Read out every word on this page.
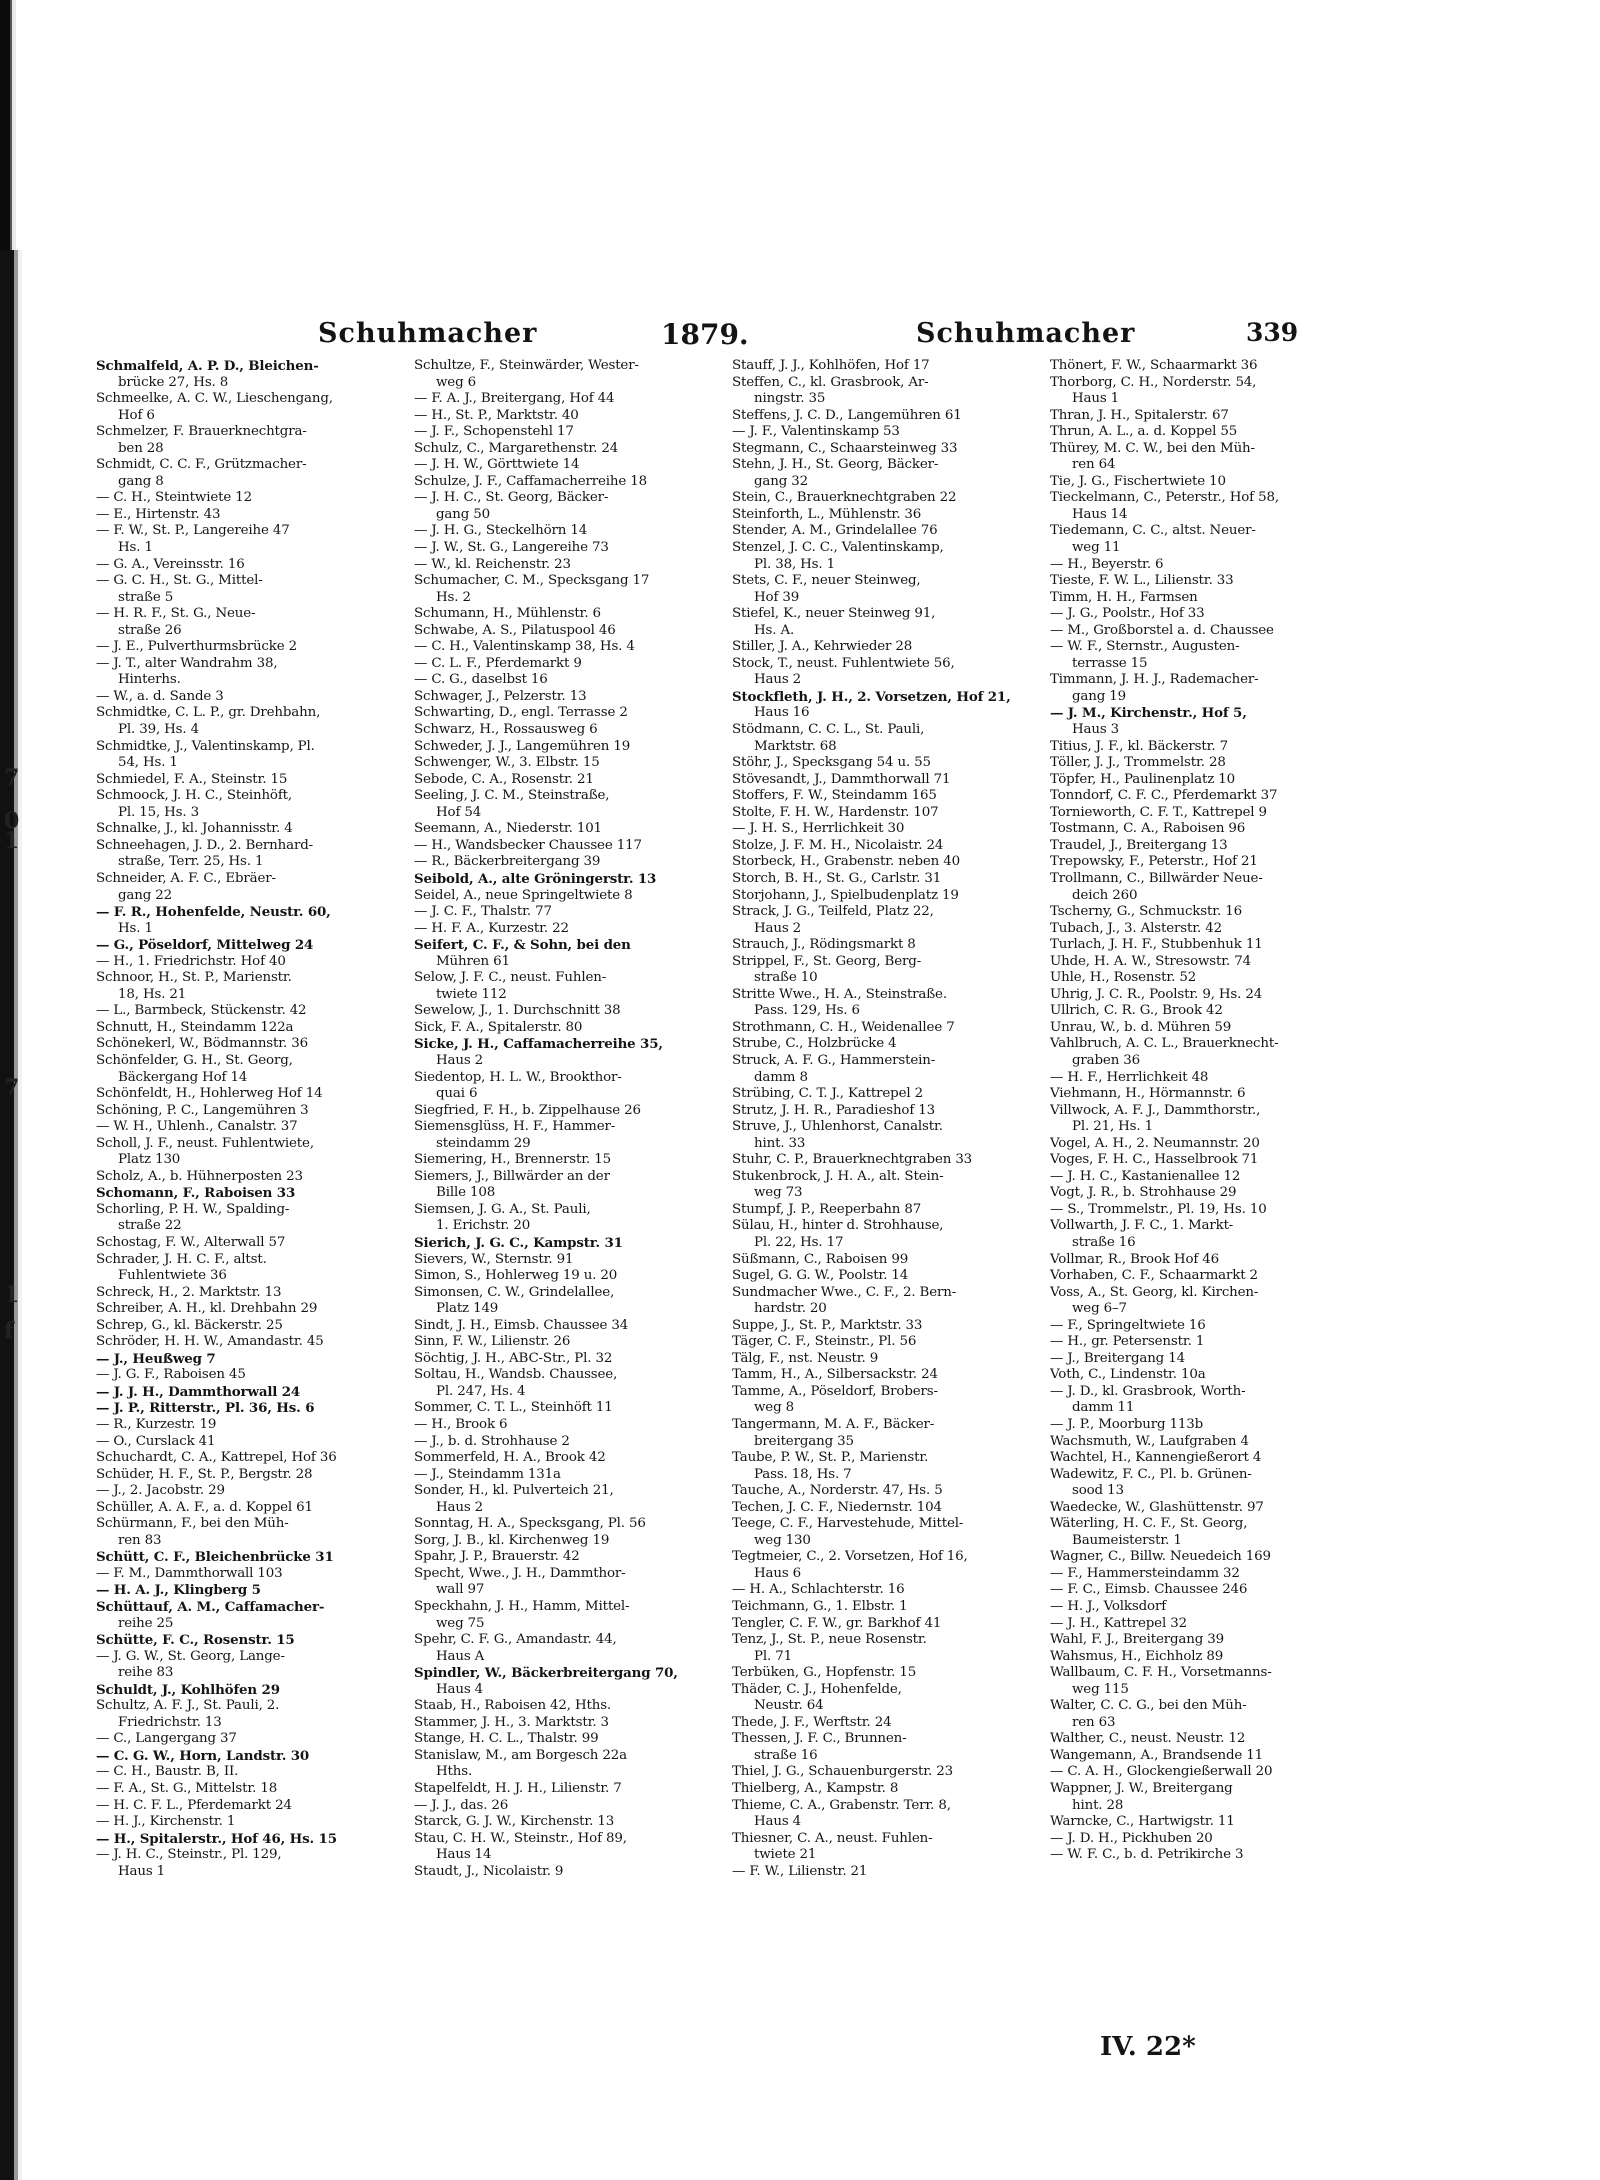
7
0
1
7
1
f
Schuhmacher	1879.	Schuhmacher	339
Schmalfeld, A. P. D., Bleichen-
brücke 27, Hs. 8
Schmeelke, A. C. W., Lieschengang,
Hof 6
Schmelzer, F. Brauerknechtgra-
ben 28
Schmidt, C. C. F., Grützmacher-
gang 8
— C. H., Steintwiete 12
— E., Hirtenstr. 43
— F. W., St. P., Langereihe 47
Hs. 1
— G. A., Vereinsstr. 16
— G. C. H., St. G., Mittel-
straße 5
— H. R. F., St. G., Neue-
straße 26
— J. E., Pulverthurmsbrücke 2
— J. T., alter Wandrahm 38,
Hinterhs.
— W., a. d. Sande 3
Schmidtke, C. L. P., gr. Drehbahn,
Pl. 39, Hs. 4
Schmidtke, J., Valentinskamp, Pl.
54, Hs. 1
Schmiedel, F. A., Steinstr. 15
Schmoock, J. H. C., Steinhöft,
Pl. 15, Hs. 3
Schnalke, J., kl. Johannisstr. 4
Schneehagen, J. D., 2. Bernhard-
straße, Terr. 25, Hs. 1
Schneider, A. F. C., Ebräer-
gang 22
— F. R., Hohenfelde, Neustr. 60,
Hs. 1
— G., Pöseldorf, Mittelweg 24
— H., 1. Friedrichstr. Hof 40
Schnoor, H., St. P., Marienstr.
18, Hs. 21
— L., Barmbeck, Stückenstr. 42
Schnutt, H., Steindamm 122a
Schönekerl, W., Bödmannstr. 36
Schönfelder, G. H., St. Georg,
Bäckergang Hof 14
Schönfeldt, H., Hohlerweg Hof 14
Schöning, P. C., Langemühren 3
— W. H., Uhlenh., Canalstr. 37
Scholl, J. F., neust. Fuhlentwiete,
Platz 130
Scholz, A., b. Hühnerposten 23
Schomann, F., Raboisen 33
Schorling, P. H. W., Spalding-
straße 22
Schostag, F. W., Alterwall 57
Schrader, J. H. C. F., altst.
Fuhlentwiete 36
Schreck, H., 2. Marktstr. 13
Schreiber, A. H., kl. Drehbahn 29
Schrep, G., kl. Bäckerstr. 25
Schröder, H. H. W., Amandastr. 45
— J., Heußweg 7
— J. G. F., Raboisen 45
— J. J. H., Dammthorwall 24
— J. P., Ritterstr., Pl. 36, Hs. 6
— R., Kurzestr. 19
— O., Curslack 41
Schuchardt, C. A., Kattrepel, Hof 36
Schüder, H. F., St. P., Bergstr. 28
— J., 2. Jacobstr. 29
Schüller, A. A. F., a. d. Koppel 61
Schürmann, F., bei den Müh-
ren 83
Schütt, C. F., Bleichenbrücke 31
— F. M., Dammthorwall 103
— H. A. J., Klingberg 5
Schüttauf, A. M., Caffamacher-
reihe 25
Schütte, F. C., Rosenstr. 15
— J. G. W., St. Georg, Lange-
reihe 83
Schuldt, J., Kohlhöfen 29
Schultz, A. F. J., St. Pauli, 2.
Friedrichstr. 13
— C., Langergang 37
— C. G. W., Horn, Landstr. 30
— C. H., Baustr. B, II.
— F. A., St. G., Mittelstr. 18
— H. C. F. L., Pferdemarkt 24
— H. J., Kirchenstr. 1
— H., Spitalerstr., Hof 46, Hs. 15
— J. H. C., Steinstr., Pl. 129,
Haus 1
Schultze, F., Steinwärder, Wester-
weg 6
— F. A. J., Breitergang, Hof 44
— H., St. P., Marktstr. 40
— J. F., Schopenstehl 17
Schulz, C., Margarethenstr. 24
— J. H. W., Görttwiete 14
Schulze, J. F., Caffamacherreihe 18
— J. H. C., St. Georg, Bäcker-
gang 50
— J. H. G., Steckelhörn 14
— J. W., St. G., Langereihe 73
— W., kl. Reichenstr. 23
Schumacher, C. M., Specksgang 17
Hs. 2
Schumann, H., Mühlenstr. 6
Schwabe, A. S., Pilatuspool 46
— C. H., Valentinskamp 38, Hs. 4
— C. L. F., Pferdemarkt 9
— C. G., daselbst 16
Schwager, J., Pelzerstr. 13
Schwarting, D., engl. Terrasse 2
Schwarz, H., Rossausweg 6
Schweder, J. J., Langemühren 19
Schwenger, W., 3. Elbstr. 15
Sebode, C. A., Rosenstr. 21
Seeling, J. C. M., Steinstraße,
Hof 54
Seemann, A., Niederstr. 101
— H., Wandsbecker Chaussee 117
— R., Bäckerbreitergang 39
Seibold, A., alte Gröningerstr. 13
Seidel, A., neue Springeltwiete 8
— J. C. F., Thalstr. 77
— H. F. A., Kurzestr. 22
Seifert, C. F., & Sohn, bei den
Mühren 61
Selow, J. F. C., neust. Fuhlen-
twiete 112
Sewelow, J., 1. Durchschnitt 38
Sick, F. A., Spitalerstr. 80
Sicke, J. H., Caffamacherreihe 35,
Haus 2
Siedentop, H. L. W., Brookthor-
quai 6
Siegfried, F. H., b. Zippelhause 26
Siemensglüss, H. F., Hammer-
steindamm 29
Siemering, H., Brennerstr. 15
Siemers, J., Billwärder an der
Bille 108
Siemsen, J. G. A., St. Pauli,
1. Erichstr. 20
Sierich, J. G. C., Kampstr. 31
Sievers, W., Sternstr. 91
Simon, S., Hohlerweg 19 u. 20
Simonsen, C. W., Grindelallee,
Platz 149
Sindt, J. H., Eimsb. Chaussee 34
Sinn, F. W., Lilienstr. 26
Söchtig, J. H., ABC-Str., Pl. 32
Soltau, H., Wandsb. Chaussee,
Pl. 247, Hs. 4
Sommer, C. T. L., Steinhöft 11
— H., Brook 6
— J., b. d. Strohhause 2
Sommerfeld, H. A., Brook 42
— J., Steindamm 131a
Sonder, H., kl. Pulverteich 21,
Haus 2
Sonntag, H. A., Specksgang, Pl. 56
Sorg, J. B., kl. Kirchenweg 19
Spahr, J. P., Brauerstr. 42
Specht, Wwe., J. H., Dammthor-
wall 97
Speckhahn, J. H., Hamm, Mittel-
weg 75
Spehr, C. F. G., Amandastr. 44,
Haus A
Spindler, W., Bäckerbreitergang 70,
Haus 4
Staab, H., Raboisen 42, Hths.
Stammer, J. H., 3. Marktstr. 3
Stange, H. C. L., Thalstr. 99
Stanislaw, M., am Borgesch 22a
Hths.
Stapelfeldt, H. J. H., Lilienstr. 7
— J. J., das. 26
Starck, G. J. W., Kirchenstr. 13
Stau, C. H. W., Steinstr., Hof 89,
Haus 14
Staudt, J., Nicolaistr. 9
Stauff, J. J., Kohlhöfen, Hof 17
Steffen, C., kl. Grasbrook, Ar-
ningstr. 35
Steffens, J. C. D., Langemühren 61
— J. F., Valentinskamp 53
Stegmann, C., Schaarsteinweg 33
Stehn, J. H., St. Georg, Bäcker-
gang 32
Stein, C., Brauerknechtgraben 22
Steinforth, L., Mühlenstr. 36
Stender, A. M., Grindelallee 76
Stenzel, J. C. C., Valentinskamp,
Pl. 38, Hs. 1
Stets, C. F., neuer Steinweg,
Hof 39
Stiefel, K., neuer Steinweg 91,
Hs. A.
Stiller, J. A., Kehrwieder 28
Stock, T., neust. Fuhlentwiete 56,
Haus 2
Stockfleth, J. H., 2. Vorsetzen, Hof 21,
Haus 16
Stödmann, C. C. L., St. Pauli,
Marktstr. 68
Stöhr, J., Specksgang 54 u. 55
Stövesandt, J., Dammthorwall 71
Stoffers, F. W., Steindamm 165
Stolte, F. H. W., Hardenstr. 107
— J. H. S., Herrlichkeit 30
Stolze, J. F. M. H., Nicolaistr. 24
Storbeck, H., Grabenstr. neben 40
Storch, B. H., St. G., Carlstr. 31
Storjohann, J., Spielbudenplatz 19
Strack, J. G., Teilfeld, Platz 22,
Haus 2
Strauch, J., Rödingsmarkt 8
Strippel, F., St. Georg, Berg-
straße 10
Stritte Wwe., H. A., Steinstraße.
Pass. 129, Hs. 6
Strothmann, C. H., Weidenallee 7
Strube, C., Holzbrücke 4
Struck, A. F. G., Hammerstein-
damm 8
Strübing, C. T. J., Kattrepel 2
Strutz, J. H. R., Paradieshof 13
Struve, J., Uhlenhorst, Canalstr.
hint. 33
Stuhr, C. P., Brauerknechtgraben 33
Stukenbrock, J. H. A., alt. Stein-
weg 73
Stumpf, J. P., Reeperbahn 87
Sülau, H., hinter d. Strohhause,
Pl. 22, Hs. 17
Süßmann, C., Raboisen 99
Sugel, G. G. W., Poolstr. 14
Sundmacher Wwe., C. F., 2. Bern-
hardstr. 20
Suppe, J., St. P., Marktstr. 33
Täger, C. F., Steinstr., Pl. 56
Tälg, F., nst. Neustr. 9
Tamm, H., A., Silbersackstr. 24
Tamme, A., Pöseldorf, Brobers-
weg 8
Tangermann, M. A. F., Bäcker-
breitergang 35
Taube, P. W., St. P., Marienstr.
Pass. 18, Hs. 7
Tauche, A., Norderstr. 47, Hs. 5
Techen, J. C. F., Niedernstr. 104
Teege, C. F., Harvestehude, Mittel-
weg 130
Tegtmeier, C., 2. Vorsetzen, Hof 16,
Haus 6
— H. A., Schlachterstr. 16
Teichmann, G., 1. Elbstr. 1
Tengler, C. F. W., gr. Barkhof 41
Tenz, J., St. P., neue Rosenstr.
Pl. 71
Terbüken, G., Hopfenstr. 15
Thäder, C. J., Hohenfelde,
Neustr. 64
Thede, J. F., Werftstr. 24
Thessen, J. F. C., Brunnen-
straße 16
Thiel, J. G., Schauenburgerstr. 23
Thielberg, A., Kampstr. 8
Thieme, C. A., Grabenstr. Terr. 8,
Haus 4
Thiesner, C. A., neust. Fuhlen-
twiete 21
— F. W., Lilienstr. 21
Thönert, F. W., Schaarmarkt 36
Thorborg, C. H., Norderstr. 54,
Haus 1
Thran, J. H., Spitalerstr. 67
Thrun, A. L., a. d. Koppel 55
Thürey, M. C. W., bei den Müh-
ren 64
Tie, J. G., Fischertwiete 10
Tieckelmann, C., Peterstr., Hof 58,
Haus 14
Tiedemann, C. C., altst. Neuer-
weg 11
— H., Beyerstr. 6
Tieste, F. W. L., Lilienstr. 33
Timm, H. H., Farmsen
— J. G., Poolstr., Hof 33
— M., Großborstel a. d. Chaussee
— W. F., Sternstr., Augusten-
terrasse 15
Timmann, J. H. J., Rademacher-
gang 19
— J. M., Kirchenstr., Hof 5,
Haus 3
Titius, J. F., kl. Bäckerstr. 7
Töller, J. J., Trommelstr. 28
Töpfer, H., Paulinenplatz 10
Tonndorf, C. F. C., Pferdemarkt 37
Tornieworth, C. F. T., Kattrepel 9
Tostmann, C. A., Raboisen 96
Traudel, J., Breitergang 13
Trepowsky, F., Peterstr., Hof 21
Trollmann, C., Billwärder Neue-
deich 260
Tscherny, G., Schmuckstr. 16
Tubach, J., 3. Alsterstr. 42
Turlach, J. H. F., Stubbenhuk 11
Uhde, H. A. W., Stresowstr. 74
Uhle, H., Rosenstr. 52
Uhrig, J. C. R., Poolstr. 9, Hs. 24
Ullrich, C. R. G., Brook 42
Unrau, W., b. d. Mühren 59
Vahlbruch, A. C. L., Brauerknecht-
graben 36
— H. F., Herrlichkeit 48
Viehmann, H., Hörmannstr. 6
Villwock, A. F. J., Dammthorstr.,
Pl. 21, Hs. 1
Vogel, A. H., 2. Neumannstr. 20
Voges, F. H. C., Hasselbrook 71
— J. H. C., Kastanienallee 12
Vogt, J. R., b. Strohhause 29
— S., Trommelstr., Pl. 19, Hs. 10
Vollwarth, J. F. C., 1. Markt-
straße 16
Vollmar, R., Brook Hof 46
Vorhaben, C. F., Schaarmarkt 2
Voss, A., St. Georg, kl. Kirchen-
weg 6–7
— F., Springeltwiete 16
— H., gr. Petersenstr. 1
— J., Breitergang 14
Voth, C., Lindenstr. 10a
— J. D., kl. Grasbrook, Worth-
damm 11
— J. P., Moorburg 113b
Wachsmuth, W., Laufgraben 4
Wachtel, H., Kannengießerort 4
Wadewitz, F. C., Pl. b. Grünen-
sood 13
Waedecke, W., Glashüttenstr. 97
Wäterling, H. C. F., St. Georg,
Baumeisterstr. 1
Wagner, C., Billw. Neuedeich 169
— F., Hammersteindamm 32
— F. C., Eimsb. Chaussee 246
— H. J., Volksdorf
— J. H., Kattrepel 32
Wahl, F. J., Breitergang 39
Wahsmus, H., Eichholz 89
Wallbaum, C. F. H., Vorsetmanns-
weg 115
Walter, C. C. G., bei den Müh-
ren 63
Walther, C., neust. Neustr. 12
Wangemann, A., Brandsende 11
— C. A. H., Glockengießerwall 20
Wappner, J. W., Breitergang
hint. 28
Warncke, C., Hartwigstr. 11
— J. D. H., Pickhuben 20
— W. F. C., b. d. Petrikirche 3
IV. 22*
